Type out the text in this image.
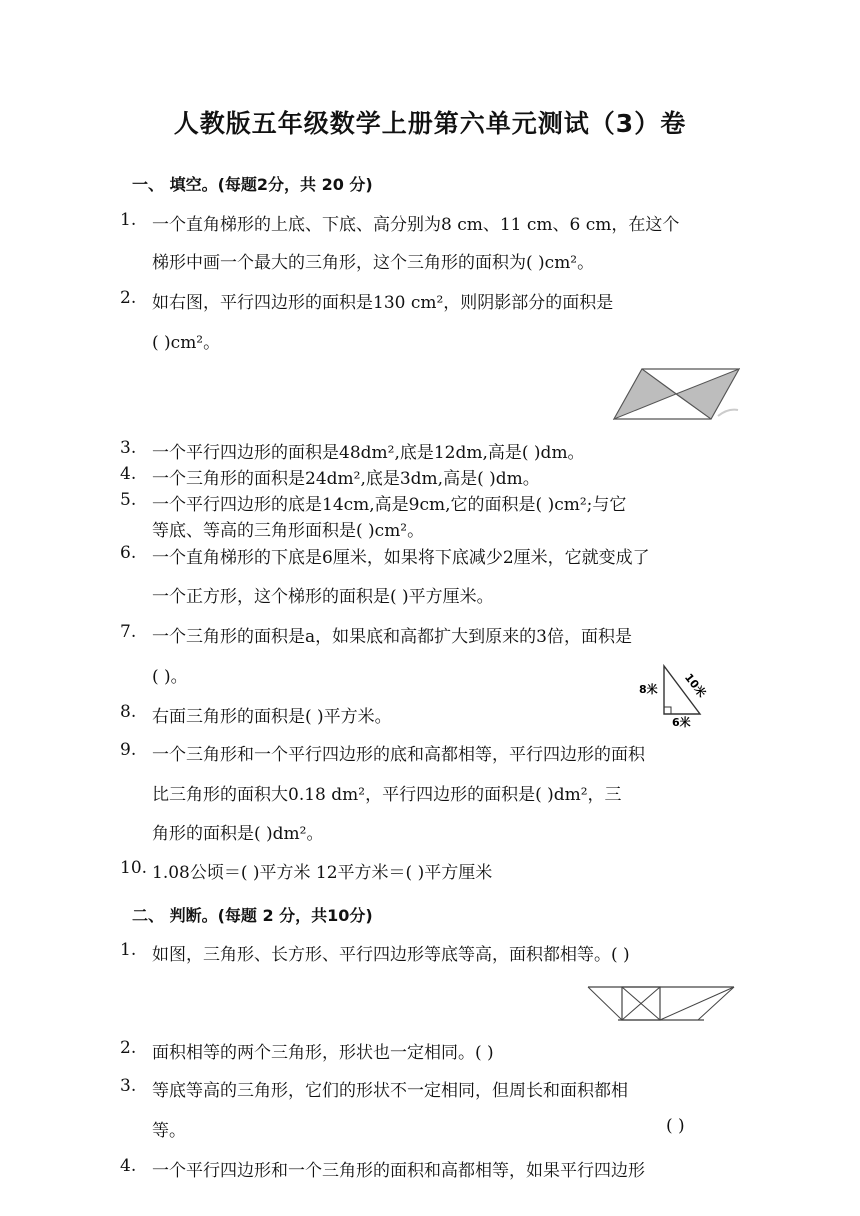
人教版五年级数学上册第六单元测试（3）卷
一、 填空。(每题2分，共 20 分)
1. 一个直角梯形的上底、下底、高分别为8 cm、11 cm、6 cm，在这个
梯形中画一个最大的三角形，这个三角形的面积为( )cm²。
2. 如右图，平行四边形的面积是130 cm²，则阴影部分的面积是
( )cm²。
3. 一个平行四边形的面积是48dm²,底是12dm,高是( )dm。
4. 一个三角形的面积是24dm²,底是3dm,高是( )dm。
5. 一个平行四边形的底是14cm,高是9cm,它的面积是( )cm²;与它
等底、等高的三角形面积是( )cm²。
6. 一个直角梯形的下底是6厘米，如果将下底减少2厘米，它就变成了
一个正方形，这个梯形的面积是( )平方厘米。
7. 一个三角形的面积是a，如果底和高都扩大到原来的3倍，面积是
( )。
8米 10米
6米
8. 右面三角形的面积是( )平方米。
9. 一个三角形和一个平行四边形的底和高都相等，平行四边形的面积
比三角形的面积大0.18 dm²，平行四边形的面积是( )dm²，三
角形的面积是( )dm²。
10. 1.08公顷＝( )平方米 12平方米＝( )平方厘米
二、 判断。(每题 2 分，共10分)
1. 如图，三角形、长方形、平行四边形等底等高，面积都相等。( )
2. 面积相等的两个三角形，形状也一定相同。( )
3. 等底等高的三角形，它们的形状不一定相同，但周长和面积都相
等。	( )
4. 一个平行四边形和一个三角形的面积和高都相等，如果平行四边形
